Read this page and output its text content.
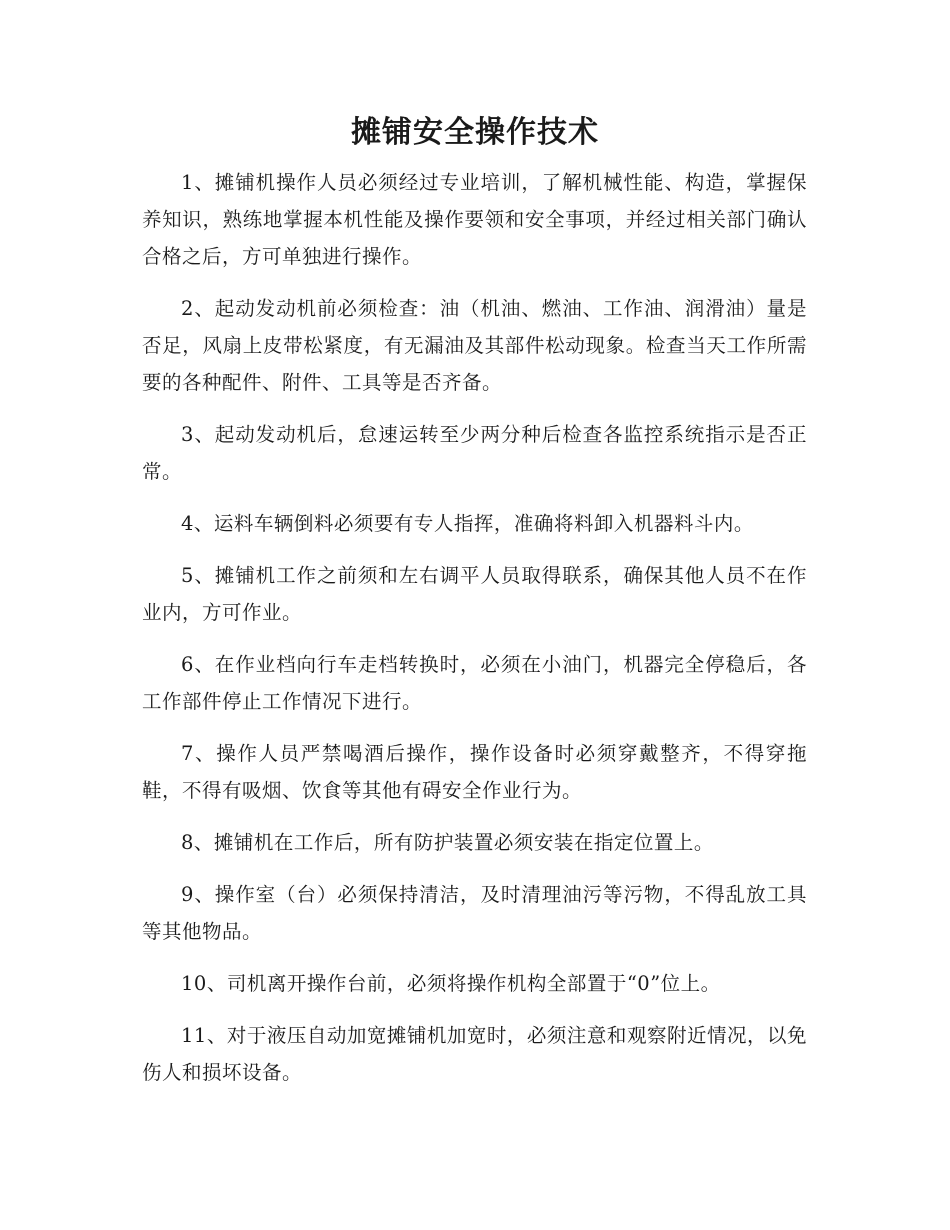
摊铺安全操作技术

1、摊铺机操作人员必须经过专业培训，了解机械性能、构造，掌握保养知识，熟练地掌握本机性能及操作要领和安全事项，并经过相关部门确认合格之后，方可单独进行操作。

2、起动发动机前必须检查：油（机油、燃油、工作油、润滑油）量是否足，风扇上皮带松紧度，有无漏油及其部件松动现象。检查当天工作所需要的各种配件、附件、工具等是否齐备。

3、起动发动机后，怠速运转至少两分种后检查各监控系统指示是否正常。

4、运料车辆倒料必须要有专人指挥，准确将料卸入机器料斗内。

5、摊铺机工作之前须和左右调平人员取得联系，确保其他人员不在作业内，方可作业。

6、在作业档向行车走档转换时，必须在小油门，机器完全停稳后，各工作部件停止工作情况下进行。

7、操作人员严禁喝酒后操作，操作设备时必须穿戴整齐，不得穿拖鞋，不得有吸烟、饮食等其他有碍安全作业行为。

8、摊铺机在工作后，所有防护装置必须安装在指定位置上。

9、操作室（台）必须保持清洁，及时清理油污等污物，不得乱放工具等其他物品。

10、司机离开操作台前，必须将操作机构全部置于“0”位上。

11、对于液压自动加宽摊铺机加宽时，必须注意和观察附近情况，以免伤人和损坏设备。
